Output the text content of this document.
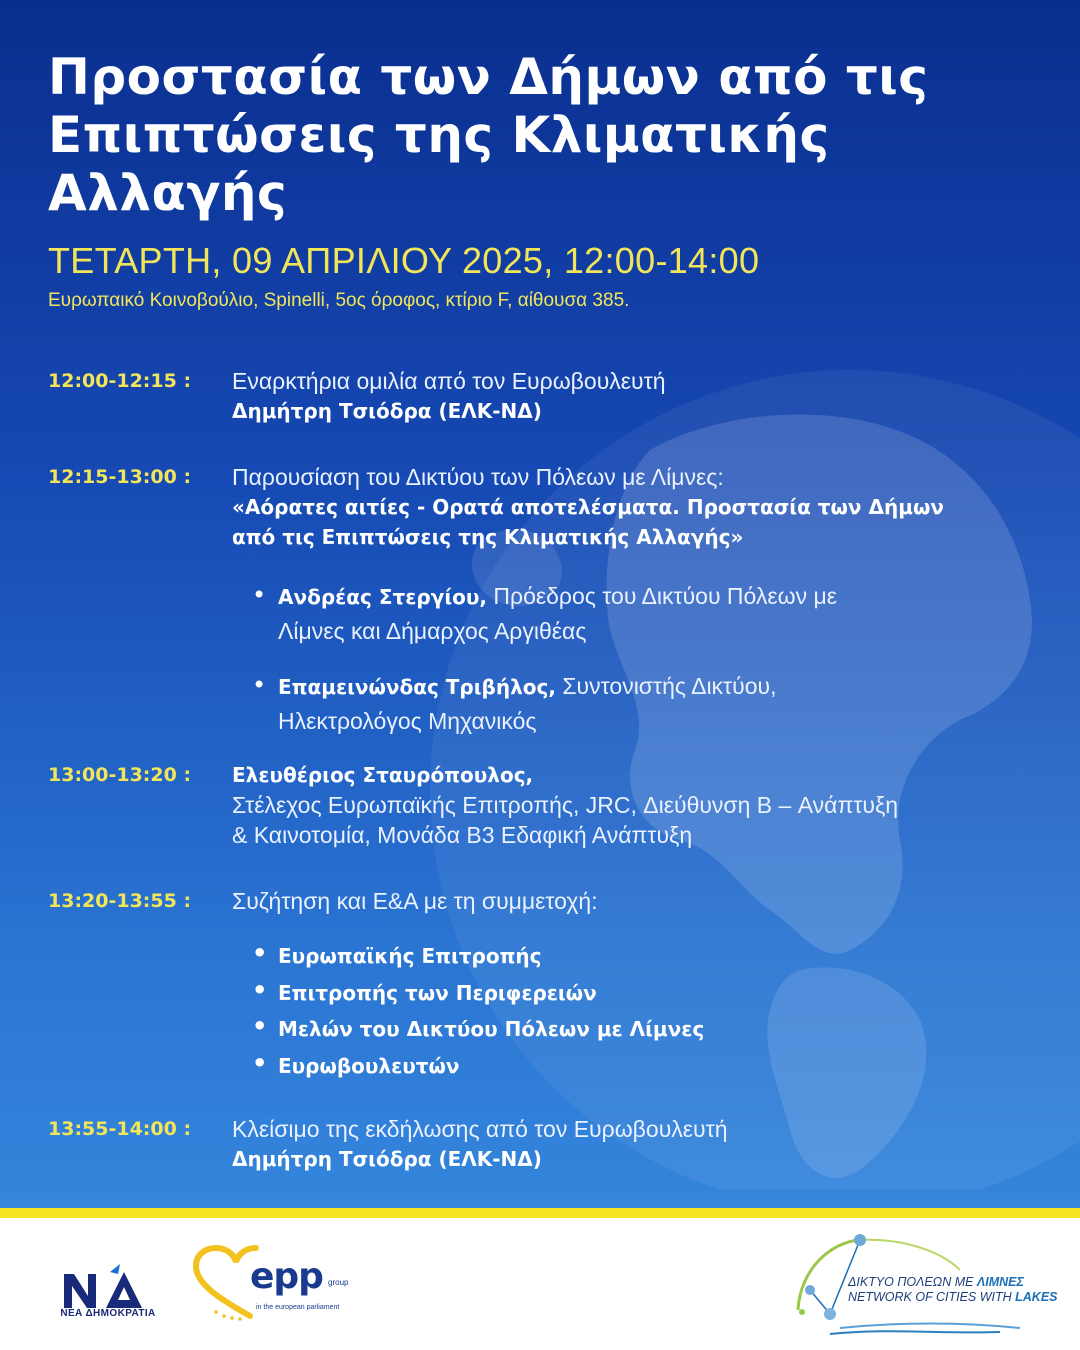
Προστασία των Δήμων από τις Επιπτώσεις της Κλιματικής Αλλαγής
ΤΕΤΑΡΤΗ, 09 ΑΠΡΙΛΙΟΥ 2025, 12:00-14:00
Ευρωπαικό Κοινοβούλιο, Spinelli, 5ος όροφος, κτίριο F, αίθουσα 385.
12:00-12:15 : Εναρκτήρια ομιλία από τον Ευρωβουλευτή
Δημήτρη Τσιόδρα (ΕΛΚ-ΝΔ)
12:15-13:00 : Παρουσίαση του Δικτύου των Πόλεων με Λίμνες:
«Αόρατες αιτίες - Ορατά αποτελέσματα. Προστασία των Δήμων από τις Επιπτώσεις της Κλιματικής Αλλαγής»
• Ανδρέας Στεργίου, Πρόεδρος του Δικτύου Πόλεων με Λίμνες και Δήμαρχος Αργιθέας
• Επαμεινώνδας Τριβήλος, Συντονιστής Δικτύου, Ηλεκτρολόγος Μηχανικός
13:00-13:20 : Ελευθέριος Σταυρόπουλος,
Στέλεχος Ευρωπαϊκής Επιτροπής, JRC, Διεύθυνση B – Ανάπτυξη & Καινοτομία, Μονάδα B3 Εδαφική Ανάπτυξη
13:20-13:55 : Συζήτηση και Ε&Α με τη συμμετοχή:
• Ευρωπαϊκής Επιτροπής
• Επιτροπής των Περιφερειών
• Μελών του Δικτύου Πόλεων με Λίμνες
• Ευρωβουλευτών
13:55-14:00 : Κλείσιμο της εκδήλωσης από τον Ευρωβουλευτή
Δημήτρη Τσιόδρα (ΕΛΚ-ΝΔ)
ΝΕΑ ΔΗΜΟΚΡΑΤΙΑ
epp group
in the european parliament
ΔΙΚΤΥΟ ΠΟΛΕΩΝ ΜΕ ΛΙΜΝΕΣ
NETWORK OF CITIES WITH LAKES
